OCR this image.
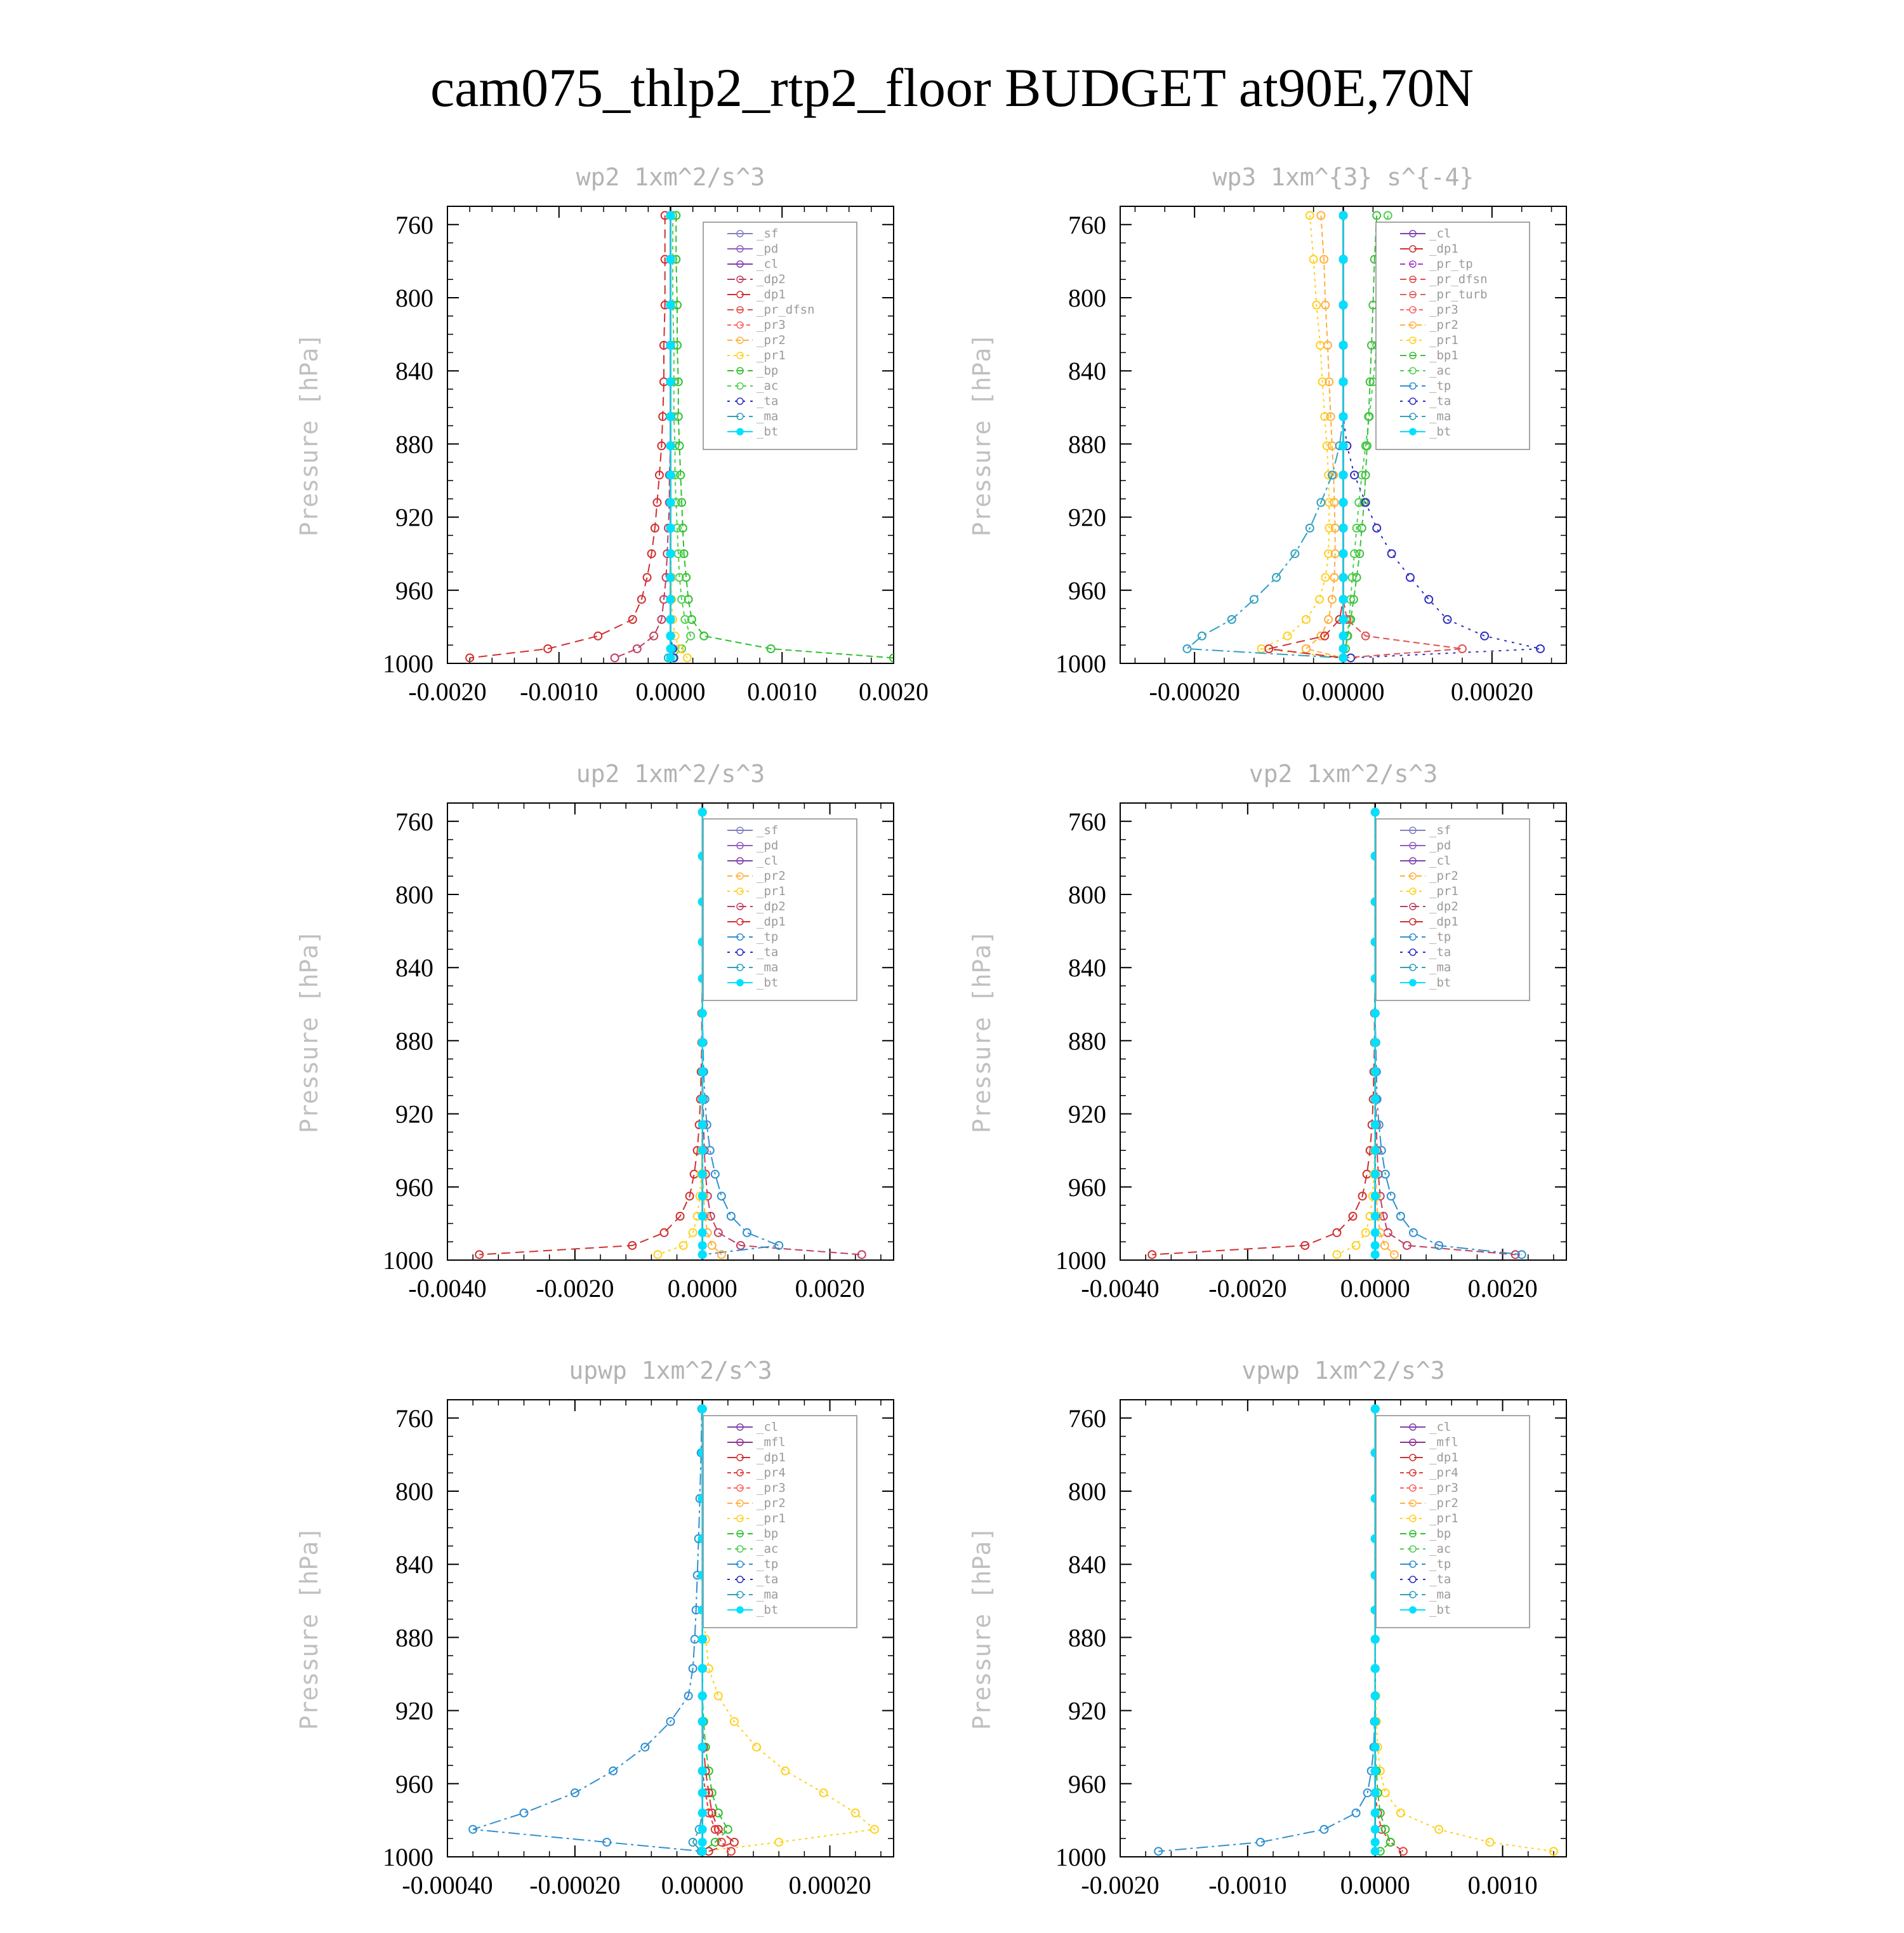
cam075_thlp2_rtp2_floor BUDGET at90E,70N
wp2 1xm^2/s^3
Pressure [hPa]
760
800
840
880
920
960
1000
-0.0020 -0.0010 0.0000 0.0010 0.0020
_sf
_pd
_cl
_dp2
_dp1
_pr_dfsn
_pr3
_pr2
_pr1
_bp
_ac
_ta
_ma
_bt
wp3 1xm^{3} s^{-4}
Pressure [hPa]
760
800
840
880
920
960
1000
-0.00020 0.00000	0.00020
_cl
_dp1
_pr_tp
_pr_dfsn
_pr_turb
_pr3
_pr2
_pr1
_bp1
_ac
_tp
_ta
_ma
_bt
up2 1xm^2/s^3
Pressure [hPa]
760
800
840
880
920
960
1000
-0.0040 -0.0020 0.0000 0.0020
_sf
_pd
_cl
_pr2
_pr1
_dp2
_dp1
_tp
_ta
_ma
_bt
vp2 1xm^2/s^3
Pressure [hPa]
760
800
840
880
920
960
1000
-0.0040 -0.0020 0.0000 0.0020
_sf
_pd
_cl
_pr2
_pr1
_dp2
_dp1
_tp
_ta
_ma
_bt
upwp 1xm^2/s^3
Pressure [hPa]
760
800
840
880
920
960
1000
-0.00040 -0.00020 0.00000 0.00020
_cl
_mfl
_dp1
_pr4
_pr3
_pr2
_pr1
_bp
_ac
_tp
_ta
_ma
_bt
vpwp 1xm^2/s^3
Pressure [hPa]
760
800
840
880
920
960
1000
-0.0020 -0.0010 0.0000 0.0010
_cl
_mfl
_dp1
_pr4
_pr3
_pr2
_pr1
_bp
_ac
_tp
_ta
_ma
_bt
